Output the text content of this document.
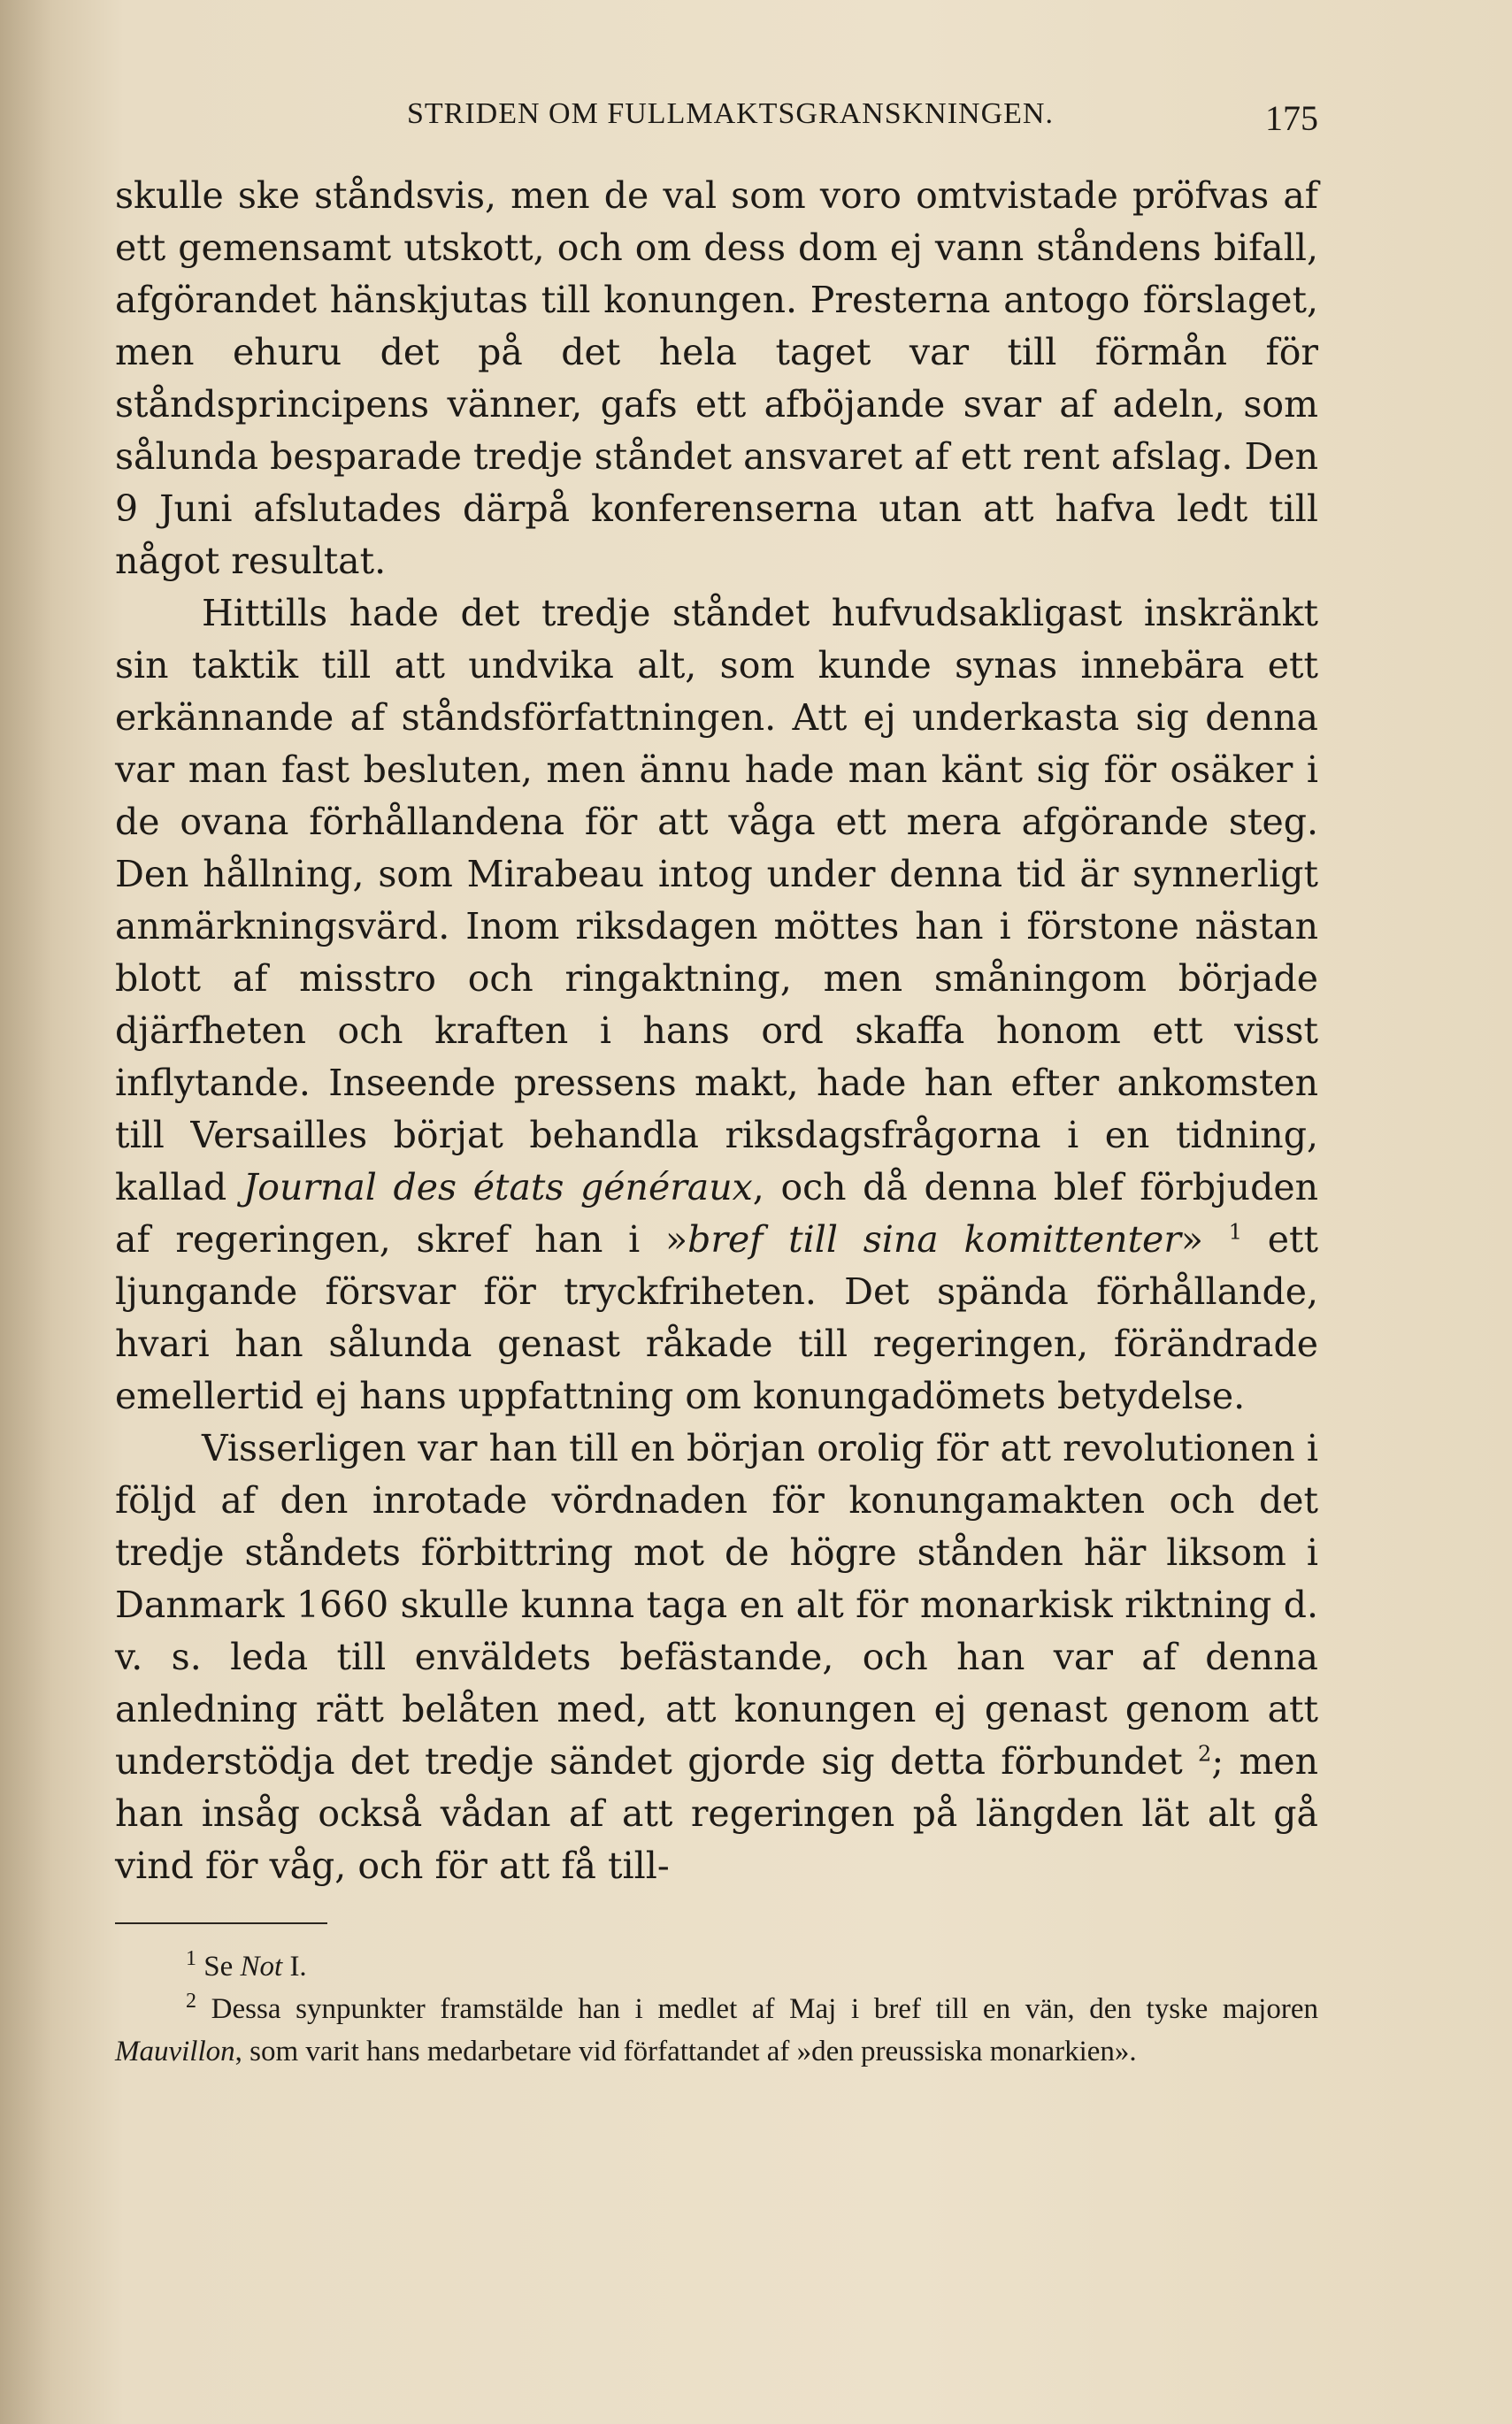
STRIDEN OM FULLMAKTSGRANSKNINGEN.	175

skulle ske ståndsvis, men de val som voro omtvistade pröfvas af ett gemensamt utskott, och om dess dom ej vann ståndens bifall, afgörandet hänskjutas till konungen. Presterna antogo förslaget, men ehuru det på det hela taget var till förmån för ståndsprincipens vänner, gafs ett afböjande svar af adeln, som sålunda besparade tredje ståndet ansvaret af ett rent afslag. Den 9 Juni afslutades därpå konferenserna utan att hafva ledt till något resultat.

Hittills hade det tredje ståndet hufvudsakligast inskränkt sin taktik till att undvika alt, som kunde synas innebära ett erkännande af ståndsförfattningen. Att ej underkasta sig denna var man fast besluten, men ännu hade man känt sig för osäker i de ovana förhållandena för att våga ett mera afgörande steg. Den hållning, som Mirabeau intog under denna tid är synnerligt anmärkningsvärd. Inom riksdagen möttes han i förstone nästan blott af misstro och ringaktning, men småningom började djärfheten och kraften i hans ord skaffa honom ett visst inflytande. Inseende pressens makt, hade han efter ankomsten till Versailles börjat behandla riksdagsfrågorna i en tidning, kallad Journal des états généraux, och då denna blef förbjuden af regeringen, skref han i »bref till sina komittenter» $^1$ ett ljungande försvar för tryckfriheten. Det spända förhållande, hvari han sålunda genast råkade till regeringen, förändrade emellertid ej hans uppfattning om konungadömets betydelse.

Visserligen var han till en början orolig för att revolutionen i följd af den inrotade vördnaden för konungamakten och det tredje ståndets förbittring mot de högre stånden här liksom i Danmark 1660 skulle kunna taga en alt för monarkisk riktning d. v. s. leda till enväldets befästande, och han var af denna anledning rätt belåten med, att konungen ej genast genom att understödja det tredje sändet gjorde sig detta förbundet $^2$; men han insåg också vådan af att regeringen på längden lät alt gå vind för våg, och för att få till-

$^1$ Se Not I.

$^2$ Dessa synpunkter framstälde han i medlet af Maj i bref till en vän, den tyske majoren Mauvillon, som varit hans medarbetare vid författandet af »den preussiska monarkien».
